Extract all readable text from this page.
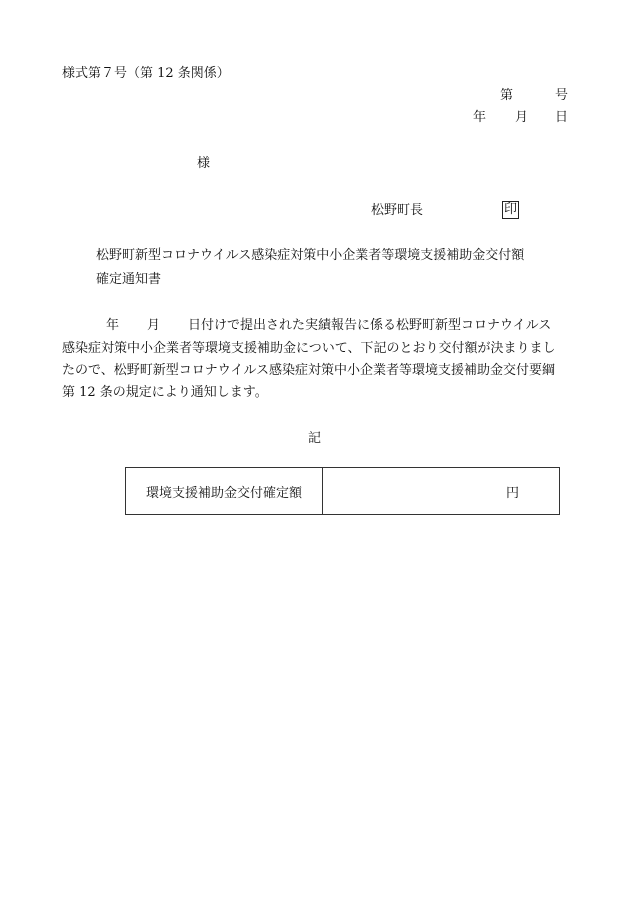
様式第７号（第 12 条関係）
第	号
年 月 日
様
松野町長	印
松野町新型コロナウイルス感染症対策中小企業者等環境支援補助金交付額
確定通知書
年 月 日付けで提出された実績報告に係る松野町新型コロナウイルス
感染症対策中小企業者等環境支援補助金について、下記のとおり交付額が決まりまし
たので、松野町新型コロナウイルス感染症対策中小企業者等環境支援補助金交付要綱
第 12 条の規定により通知します。
記
環境支援補助金交付確定額	円
